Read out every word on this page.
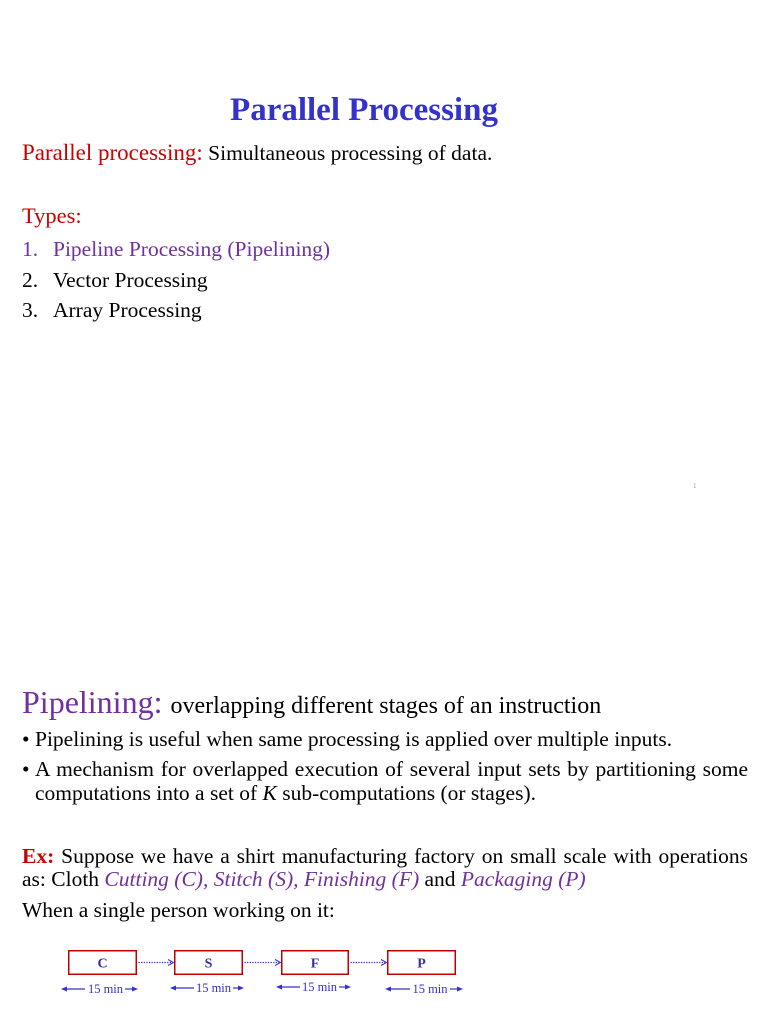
Parallel Processing
Parallel processing: Simultaneous processing of data.
Types:
1. Pipeline Processing (Pipelining)
2. Vector Processing
3. Array Processing
1
Pipelining: overlapping different stages of an instruction
• Pipelining is useful when same processing is applied over multiple inputs.
• A mechanism for overlapped execution of several input sets by partitioning some
computations into a set of K sub-computations (or stages).
Ex: Suppose we have a shirt manufacturing factory on small scale with operations
as: Cloth Cutting (C), Stitch (S), Finishing (F) and Packaging (P)
When a single person working on it:
C	S	F	P
15 min	15 min	15 min	15 min
